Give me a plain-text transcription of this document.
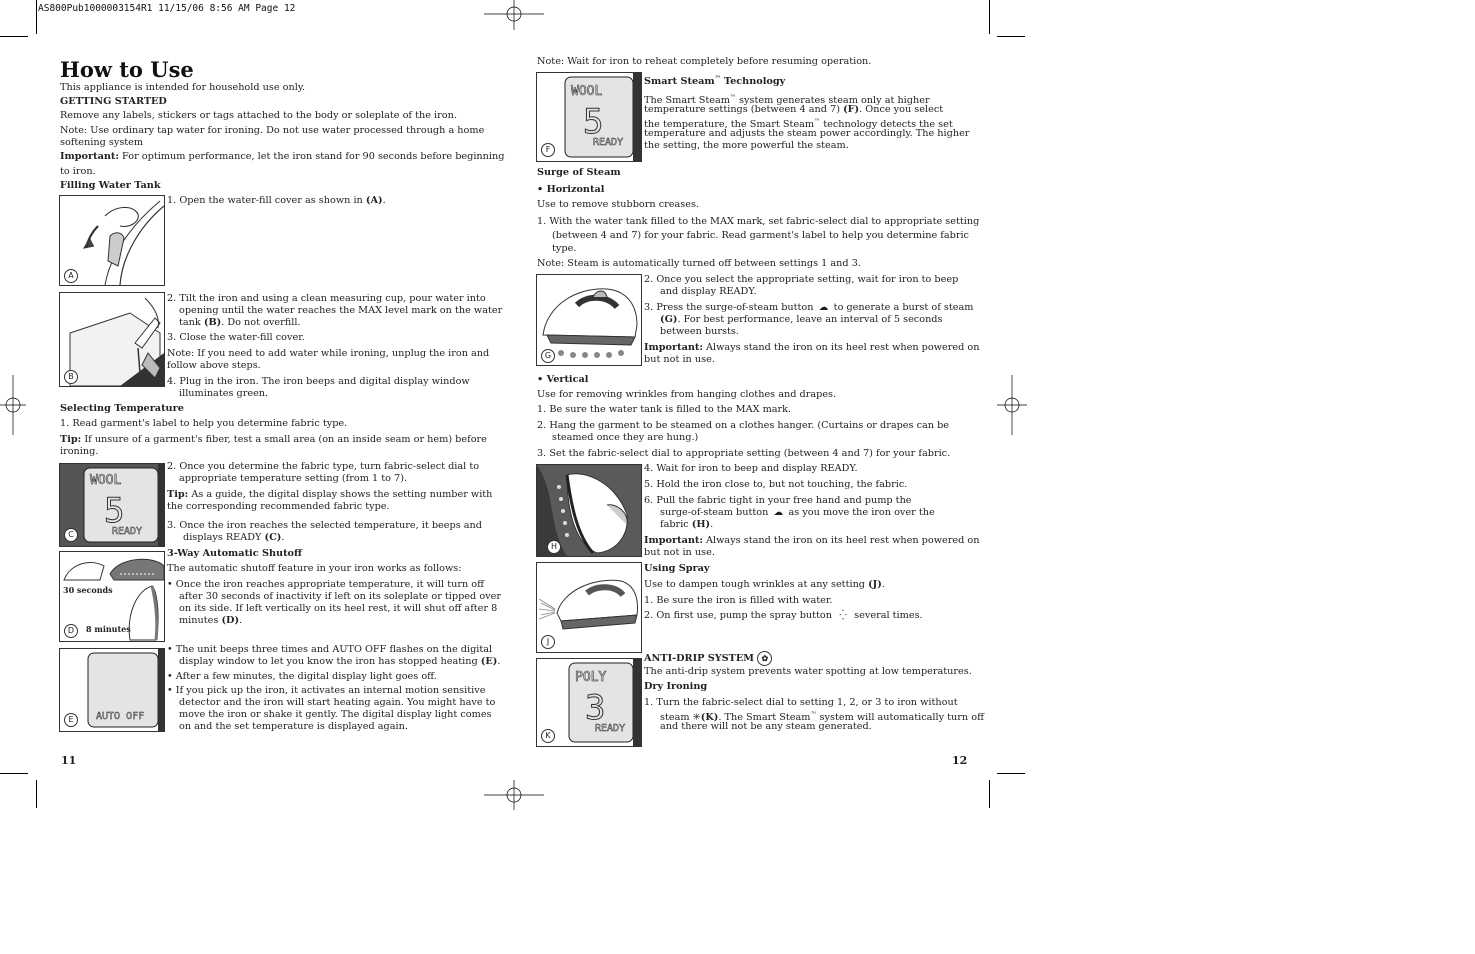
AS800Pub1000003154R1 11/15/06 8:56 AM Page 12
How to Use
This appliance is intended for household use only.
GETTING STARTED
Remove any labels, stickers or tags attached to the body or soleplate of the iron.
Note: Use ordinary tap water for ironing. Do not use water processed through a home
softening system
Important: For optimum performance, let the iron stand for 90 seconds before beginning
to iron.
Filling Water Tank
A
1. Open the water-fill cover as shown in (A).
B
2. Tilt the iron and using a clean measuring cup, pour water into
opening until the water reaches the MAX level mark on the water
tank (B). Do not overfill.
3. Close the water-fill cover.
Note: If you need to add water while ironing, unplug the iron and
follow above steps.
4. Plug in the iron. The iron beeps and digital display window
illuminates green.
Selecting Temperature
1. Read garment's label to help you determine fabric type.
Tip: If unsure of a garment's fiber, test a small area (on an inside seam or hem) before
ironing.
WOOL
5
READY
C
2. Once you determine the fabric type, turn fabric-select dial to
appropriate temperature setting (from 1 to 7).
Tip: As a guide, the digital display shows the setting number with
the corresponding recommended fabric type.
3. Once the iron reaches the selected temperature, it beeps and
displays READY (C).
8 minutes
D
30 seconds
3-Way Automatic Shutoff
The automatic shutoff feature in your iron works as follows:
• Once the iron reaches appropriate temperature, it will turn off
after 30 seconds of inactivity if left on its soleplate or tipped over
on its side. If left vertically on its heel rest, it will shut off after 8
minutes (D).
AUTO OFF
E
• The unit beeps three times and AUTO OFF flashes on the digital
display window to let you know the iron has stopped heating (E).
• After a few minutes, the digital display light goes off.
• If you pick up the iron, it activates an internal motion sensitive
detector and the iron will start heating again. You might have to
move the iron or shake it gently. The digital display light comes
on and the set temperature is displayed again.
11
Note: Wait for iron to reheat completely before resuming operation.
WOOL
5
READY
F
Smart Steam™ Technology
The Smart Steam™ system generates steam only at higher
temperature settings (between 4 and 7) (F). Once you select
the temperature, the Smart Steam™ technology detects the set
temperature and adjusts the steam power accordingly. The higher
the setting, the more powerful the steam.
Surge of Steam
• Horizontal
Use to remove stubborn creases.
1. With the water tank filled to the MAX mark, set fabric-select dial to appropriate setting
(between 4 and 7) for your fabric. Read garment's label to help you determine fabric
type.
Note: Steam is automatically turned off between settings 1 and 3.
G
2. Once you select the appropriate setting, wait for iron to beep
and display READY.
3. Press the surge-of-steam button ☁ to generate a burst of steam
(G). For best performance, leave an interval of 5 seconds
between bursts.
Important: Always stand the iron on its heel rest when powered on
but not in use.
• Vertical
Use for removing wrinkles from hanging clothes and drapes.
1. Be sure the water tank is filled to the MAX mark.
2. Hang the garment to be steamed on a clothes hanger. (Curtains or drapes can be
steamed once they are hung.)
3. Set the fabric-select dial to appropriate setting (between 4 and 7) for your fabric.
H
4. Wait for iron to beep and display READY.
5. Hold the iron close to, but not touching, the fabric.
6. Pull the fabric tight in your free hand and pump the
surge-of-steam button ☁ as you move the iron over the
fabric (H).
Important: Always stand the iron on its heel rest when powered on
but not in use.
J
Using Spray
Use to dampen tough wrinkles at any setting (J).
1. Be sure the iron is filled with water.
2. On first use, pump the spray button ⁛ several times.
POLY
3
READY
K
ANTI-DRIP SYSTEM ✿
The anti-drip system prevents water spotting at low temperatures.
Dry Ironing
1. Turn the fabric-select dial to setting 1, 2, or 3 to iron without
steam ✳(K). The Smart Steam™ system will automatically turn off
and there will not be any steam generated.
12
